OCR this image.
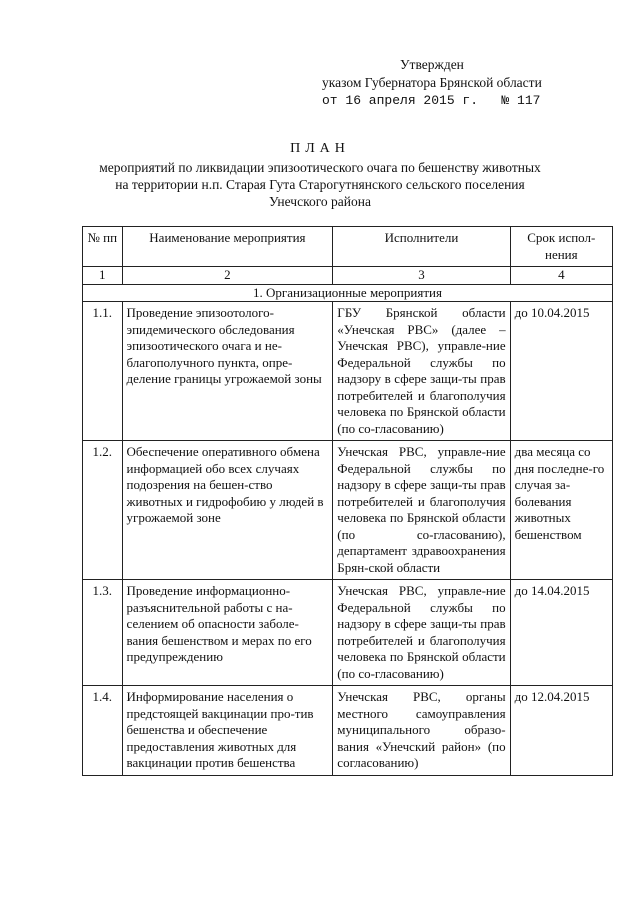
Утвержден
указом Губернатора Брянской области
от 16 апреля 2015 г.   № 117
ПЛАН
мероприятий по ликвидации эпизоотического очага по бешенству животных
на территории н.п. Старая Гута Старогутнянского сельского поселения
Унечского района
№ пп	Наименование мероприятия	Исполнители	Срок испол-нения
1	2	3	4
1. Организационные мероприятия			
1.1.	Проведение эпизоотолого-эпидемического обследования эпизоотического очага и не-благополучного пункта, опре-деление границы угрожаемой зоны	ГБУ Брянской области «Унечская РВС» (далее – Унечская РВС), управле-ние Федеральной службы по надзору в сфере защи-ты прав потребителей и благополучия человека по Брянской области (по со-гласованию)	до 10.04.2015
1.2.	Обеспечение оперативного обмена информацией обо всех случаях подозрения на бешен-ство животных и гидрофобию у людей в угрожаемой зоне	Унечская РВС, управле-ние Федеральной службы по надзору в сфере защи-ты прав потребителей и благополучия человека по Брянской области (по со-гласованию), департамент здравоохранения Брян-ской области	два месяца со дня последне-го случая за-болевания животных бешенством
1.3.	Проведение информационно-разъяснительной работы с на-селением об опасности заболе-вания бешенством и мерах по его предупреждению	Унечская РВС, управле-ние Федеральной службы по надзору в сфере защи-ты прав потребителей и благополучия человека по Брянской области (по со-гласованию)	до 14.04.2015
1.4.	Информирование населения о предстоящей вакцинации про-тив бешенства и обеспечение предоставления животных для вакцинации против бешенства	Унечская РВС, органы местного самоуправления муниципального образо-вания «Унечский район» (по согласованию)	до 12.04.2015
